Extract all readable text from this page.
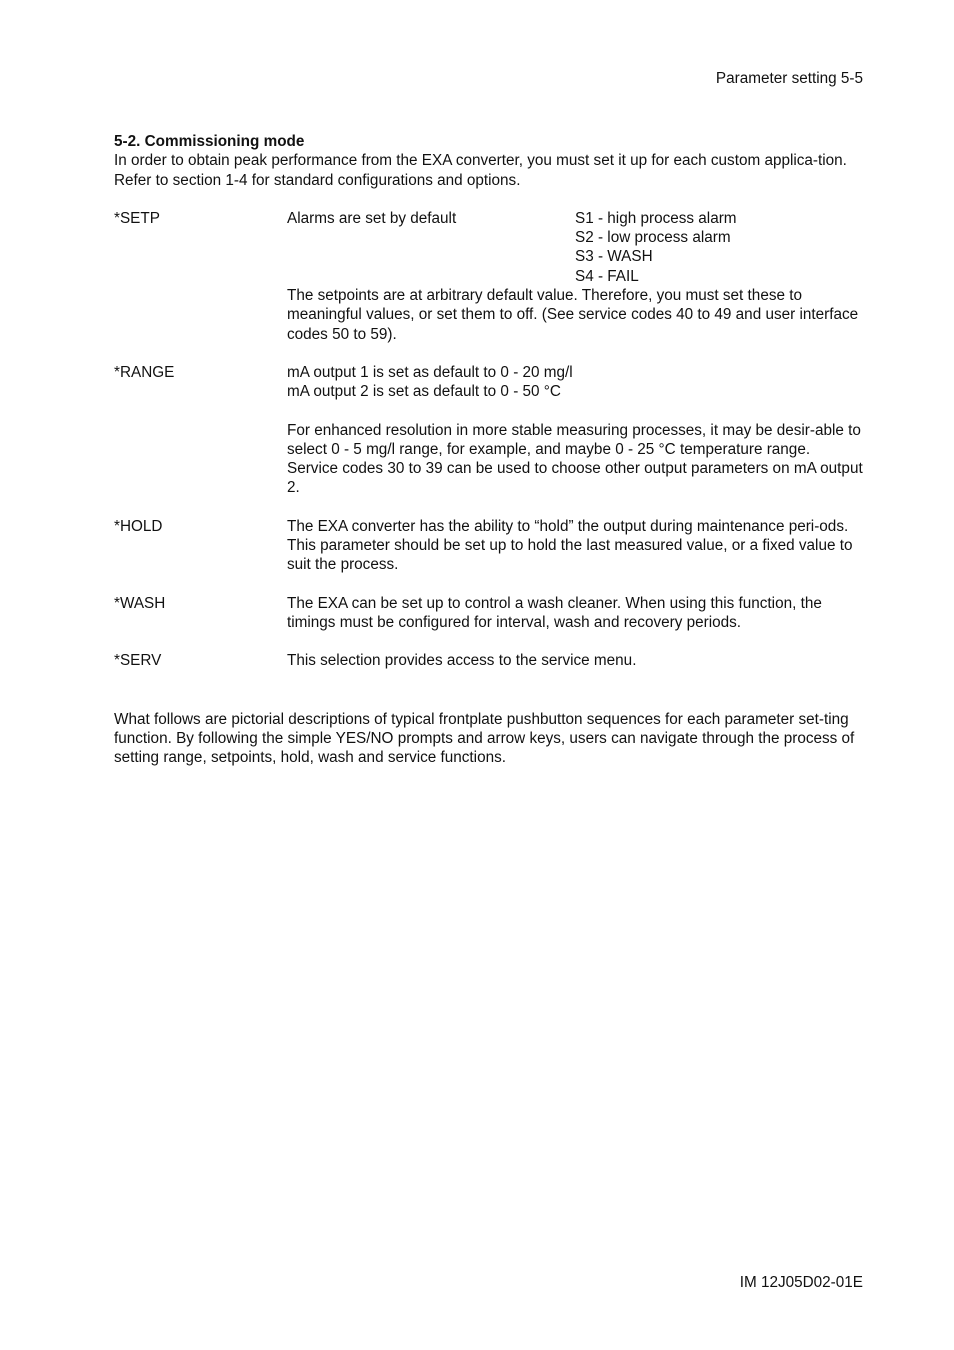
Parameter setting 5-5

5-2. Commissioning mode

In order to obtain peak performance from the EXA converter, you must set it up for each custom applica-tion. Refer to section 1-4 for standard configurations and options.

*SETP	Alarms are set by default	S1 - high process alarm
S2 - low process alarm
S3 - WASH
S4 - FAIL

The setpoints are at arbitrary default value. Therefore, you must set these to meaningful values, or set them to off. (See service codes 40 to 49 and user interface codes 50 to 59).

*RANGE	mA output 1 is set as default to 0 - 20 mg/l

mA output 2 is set as default to 0 - 50 °C

For enhanced resolution in more stable measuring processes, it may be desir-able to select 0 - 5 mg/l range, for example, and maybe 0 - 25 °C temperature range.

Service codes 30 to 39 can be used to choose other output parameters on mA output 2.

*HOLD	The EXA converter has the ability to “hold” the output during maintenance peri-ods. This parameter should be set up to hold the last measured value, or a fixed value to suit the process.

*WASH	The EXA can be set up to control a wash cleaner. When using this function, the timings must be configured for interval, wash and recovery periods.

*SERV	This selection provides access to the service menu.

What follows are pictorial descriptions of typical frontplate pushbutton sequences for each parameter set-ting function. By following the simple YES/NO prompts and arrow keys, users can navigate through the process of setting range, setpoints, hold, wash and service functions.

IM 12J05D02-01E
